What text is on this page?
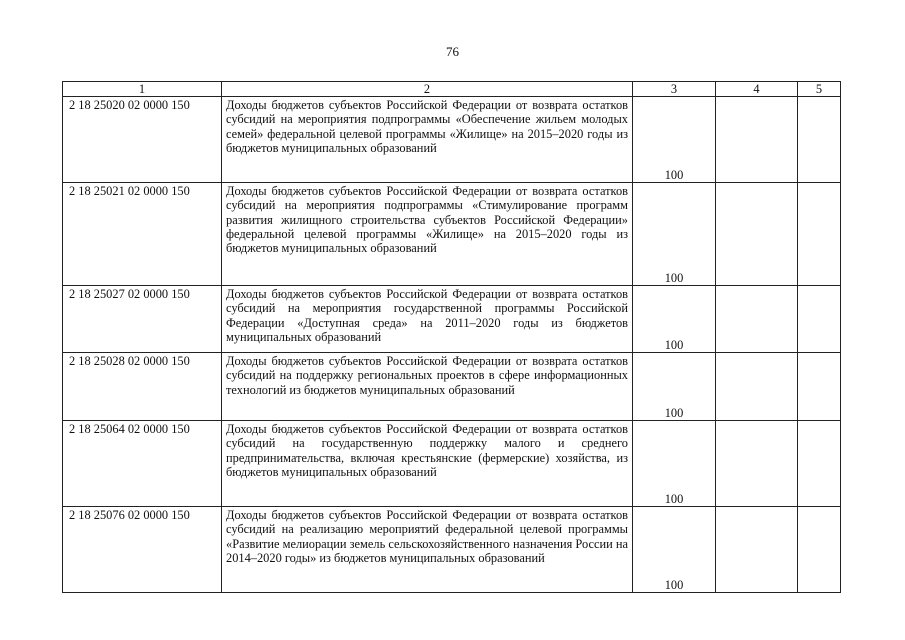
76
1	2	3	4	5
2 18 25020 02 0000 150	Доходы бюджетов субъектов Российской Федерации от возврата остатков субсидий на мероприятия подпрограммы «Обеспечение жильем молодых семей» федеральной целевой программы «Жилище» на 2015–2020 годы из бюджетов муниципальных образований	100		
2 18 25021 02 0000 150	Доходы бюджетов субъектов Российской Федерации от возврата остатков субсидий на мероприятия подпрограммы «Стимулирование программ развития жилищного строительства субъектов Российской Федерации» федеральной целевой программы «Жилище» на 2015–2020 годы из бюджетов муниципальных образований	100		
2 18 25027 02 0000 150	Доходы бюджетов субъектов Российской Федерации от возврата остатков субсидий на мероприятия государственной программы Российской Федерации «Доступная среда» на 2011–2020 годы из бюджетов муниципальных образований	100		
2 18 25028 02 0000 150	Доходы бюджетов субъектов Российской Федерации от возврата остатков субсидий на поддержку региональных проектов в сфере информационных технологий из бюджетов муниципальных образований	100		
2 18 25064 02 0000 150	Доходы бюджетов субъектов Российской Федерации от возврата остатков субсидий на государственную поддержку малого и среднего предпринимательства, включая крестьянские (фермерские) хозяйства, из бюджетов муниципальных образований	100		
2 18 25076 02 0000 150	Доходы бюджетов субъектов Российской Федерации от возврата остатков субсидий на реализацию мероприятий федеральной целевой программы «Развитие мелиорации земель сельскохозяйственного назначения России на 2014–2020 годы» из бюджетов муниципальных образований	100		
